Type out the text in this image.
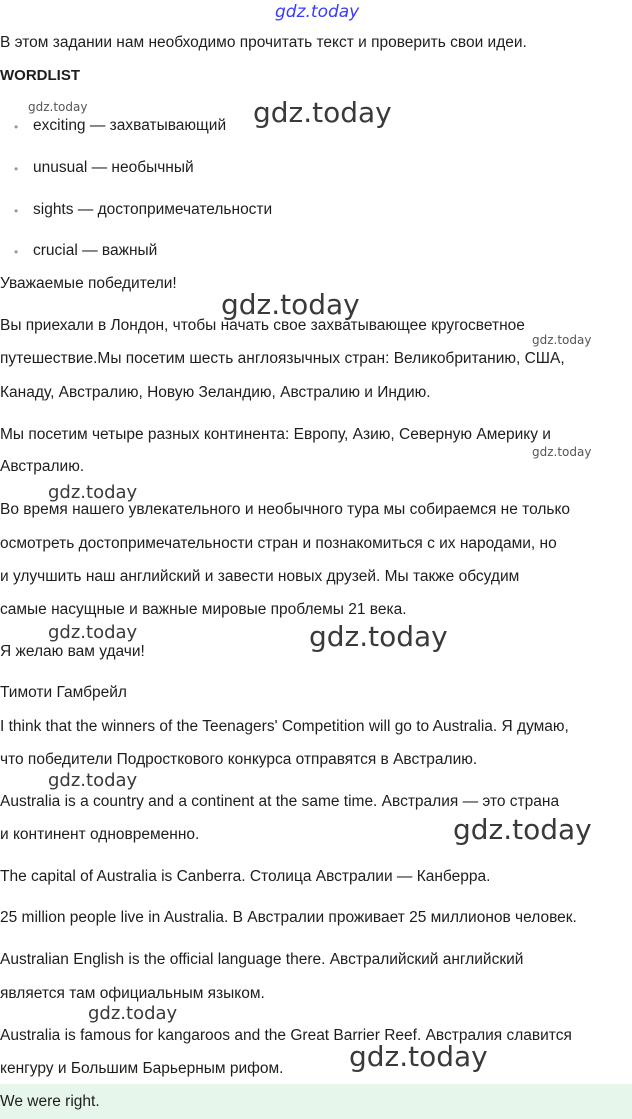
gdz.today
gdz.today	gdz.today
gdz.today
gdz.today
gdz.today
gdz.today
gdz.today	gdz.today
gdz.today
gdz.today
gdz.today
gdz.today

В этом задании нам необходимо прочитать текст и проверить свои идеи.

WORDLIST
• exciting — захватывающий
• unusual — необычный
• sights — достопримечательности
• crucial — важный

Уважаемые победители!

Вы приехали в Лондон, чтобы начать свое захватывающее кругосветное

путешествие.Мы посетим шесть англоязычных стран: Великобританию, США,

Канаду, Австралию, Новую Зеландию, Австралию и Индию.

Мы посетим четыре разных континента: Европу, Азию, Северную Америку и

Австралию.

Во время нашего увлекательного и необычного тура мы собираемся не только

осмотреть достопримечательности стран и познакомиться с их народами, но

и улучшить наш английский и завести новых друзей. Мы также обсудим

самые насущные и важные мировые проблемы 21 века.

Я желаю вам удачи!

Тимоти Гамбрейл

I think that the winners of the Teenagers' Competition will go to Australia. Я думаю,

что победители Подросткового конкурса отправятся в Австралию.

Australia is a country and a continent at the same time. Австралия — это страна

и континент одновременно.

The capital of Australia is Canberra. Столица Австралии — Канберра.

25 million people live in Australia. В Австралии проживает 25 миллионов человек.

Australian English is the official language there. Австралийский английский

является там официальным языком.

Australia is famous for kangaroos and the Great Barrier Reef. Австралия славится

кенгуру и Большим Барьерным рифом.

We were right.
